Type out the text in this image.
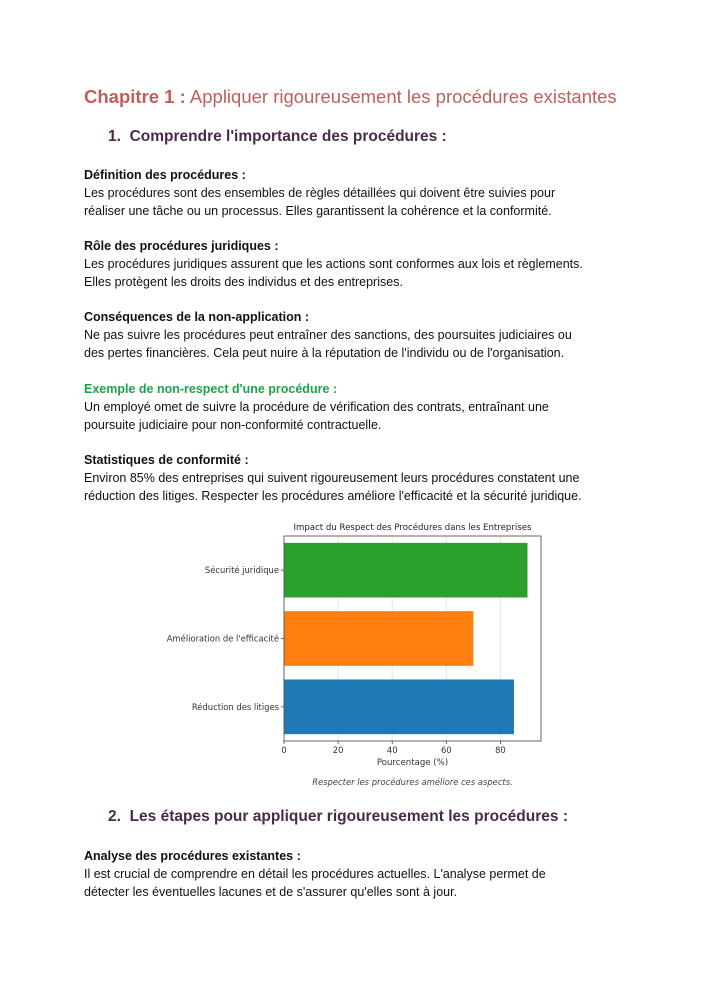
Chapitre 1 : Appliquer rigoureusement les procédures existantes
1. Comprendre l'importance des procédures :
Définition des procédures :
Les procédures sont des ensembles de règles détaillées qui doivent être suivies pour
réaliser une tâche ou un processus. Elles garantissent la cohérence et la conformité.
Rôle des procédures juridiques :
Les procédures juridiques assurent que les actions sont conformes aux lois et règlements.
Elles protègent les droits des individus et des entreprises.
Conséquences de la non-application :
Ne pas suivre les procédures peut entraîner des sanctions, des poursuites judiciaires ou
des pertes financières. Cela peut nuire à la réputation de l'individu ou de l'organisation.
Exemple de non-respect d'une procédure :
Un employé omet de suivre la procédure de vérification des contrats, entraînant une
poursuite judiciaire pour non-conformité contractuelle.
Statistiques de conformité :
Environ 85% des entreprises qui suivent rigoureusement leurs procédures constatent une
réduction des litiges. Respecter les procédures améliore l'efficacité et la sécurité juridique.
Impact du Respect des Procédures dans les Entreprises
Sécurité juridique
Amélioration de l'efficacité
Réduction des litiges
0	20	40	60	80
Pourcentage (%)
Respecter les procédures améliore ces aspects.
2. Les étapes pour appliquer rigoureusement les procédures :
Analyse des procédures existantes :
Il est crucial de comprendre en détail les procédures actuelles. L'analyse permet de
détecter les éventuelles lacunes et de s'assurer qu'elles sont à jour.
